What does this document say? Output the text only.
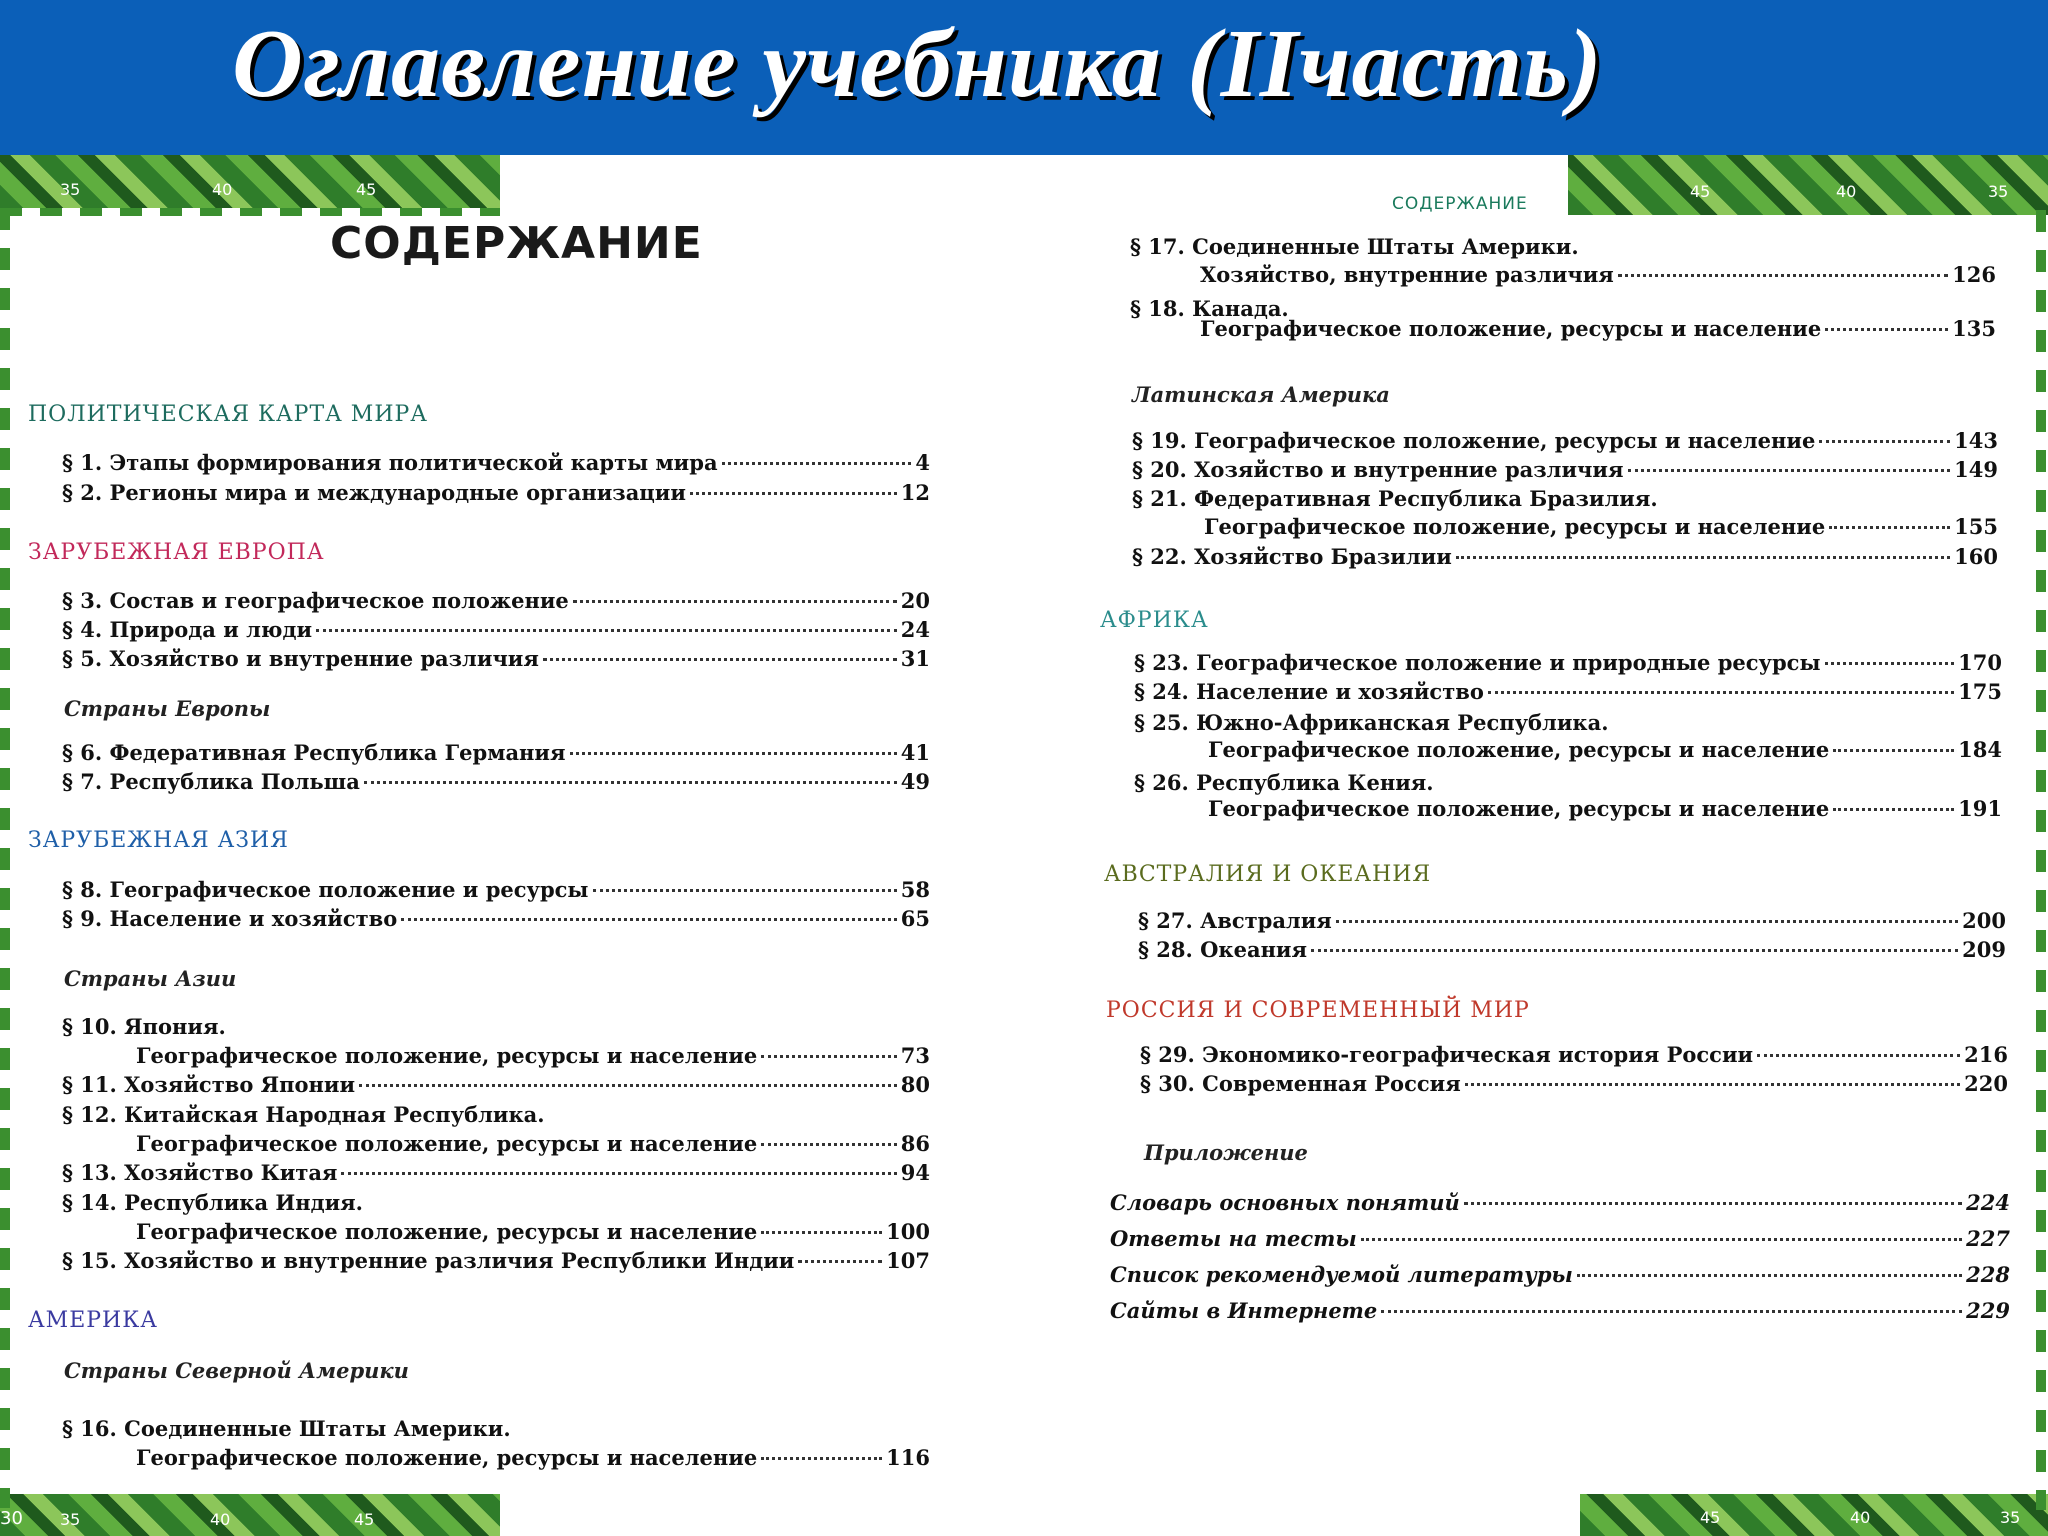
Оглавление учебника (IIчасть)
35	40	45	45	40	35
30 35	40	45	45	40	35
СОДЕРЖАНИЕ
ПОЛИТИЧЕСКАЯ КАРТА МИРА
§ 1. Этапы формирования политической карты мира	4
§ 2. Регионы мира и международные организации	12
ЗАРУБЕЖНАЯ ЕВРОПА
§ 3. Состав и географическое положение	20
§ 4. Природа и люди	24
§ 5. Хозяйство и внутренние различия	31
Страны Европы
§ 6. Федеративная Республика Германия	41
§ 7. Республика Польша	49
ЗАРУБЕЖНАЯ АЗИЯ
§ 8. Географическое положение и ресурсы	58
§ 9. Население и хозяйство	65
Страны Азии
§ 10. Япония.
Географическое положение, ресурсы и население	73
§ 11. Хозяйство Японии	80
§ 12. Китайская Народная Республика.
Географическое положение, ресурсы и население	86
§ 13. Хозяйство Китая	94
§ 14. Республика Индия.
Географическое положение, ресурсы и население	100
§ 15. Хозяйство и внутренние различия Республики Индии	107
АМЕРИКА
Страны Северной Америки
§ 16. Соединенные Штаты Америки.
Географическое положение, ресурсы и население	116
СОДЕРЖАНИЕ
§ 17. Соединенные Штаты Америки.
Хозяйство, внутренние различия	126
§ 18. Канада.
Географическое положение, ресурсы и население	135
Латинская Америка
§ 19. Географическое положение, ресурсы и население	143
§ 20. Хозяйство и внутренние различия	149
§ 21. Федеративная Республика Бразилия.
Географическое положение, ресурсы и население	155
§ 22. Хозяйство Бразилии	160
АФРИКА
§ 23. Географическое положение и природные ресурсы	170
§ 24. Население и хозяйство	175
§ 25. Южно-Африканская Республика.
Географическое положение, ресурсы и население	184
§ 26. Республика Кения.
Географическое положение, ресурсы и население	191
АВСТРАЛИЯ И ОКЕАНИЯ
§ 27. Австралия	200
§ 28. Океания	209
РОССИЯ И СОВРЕМЕННЫЙ МИР
§ 29. Экономико-географическая история России	216
§ 30. Современная Россия	220
Приложение
Словарь основных понятий	224
Ответы на тесты	227
Список рекомендуемой литературы	228
Сайты в Интернете	229
